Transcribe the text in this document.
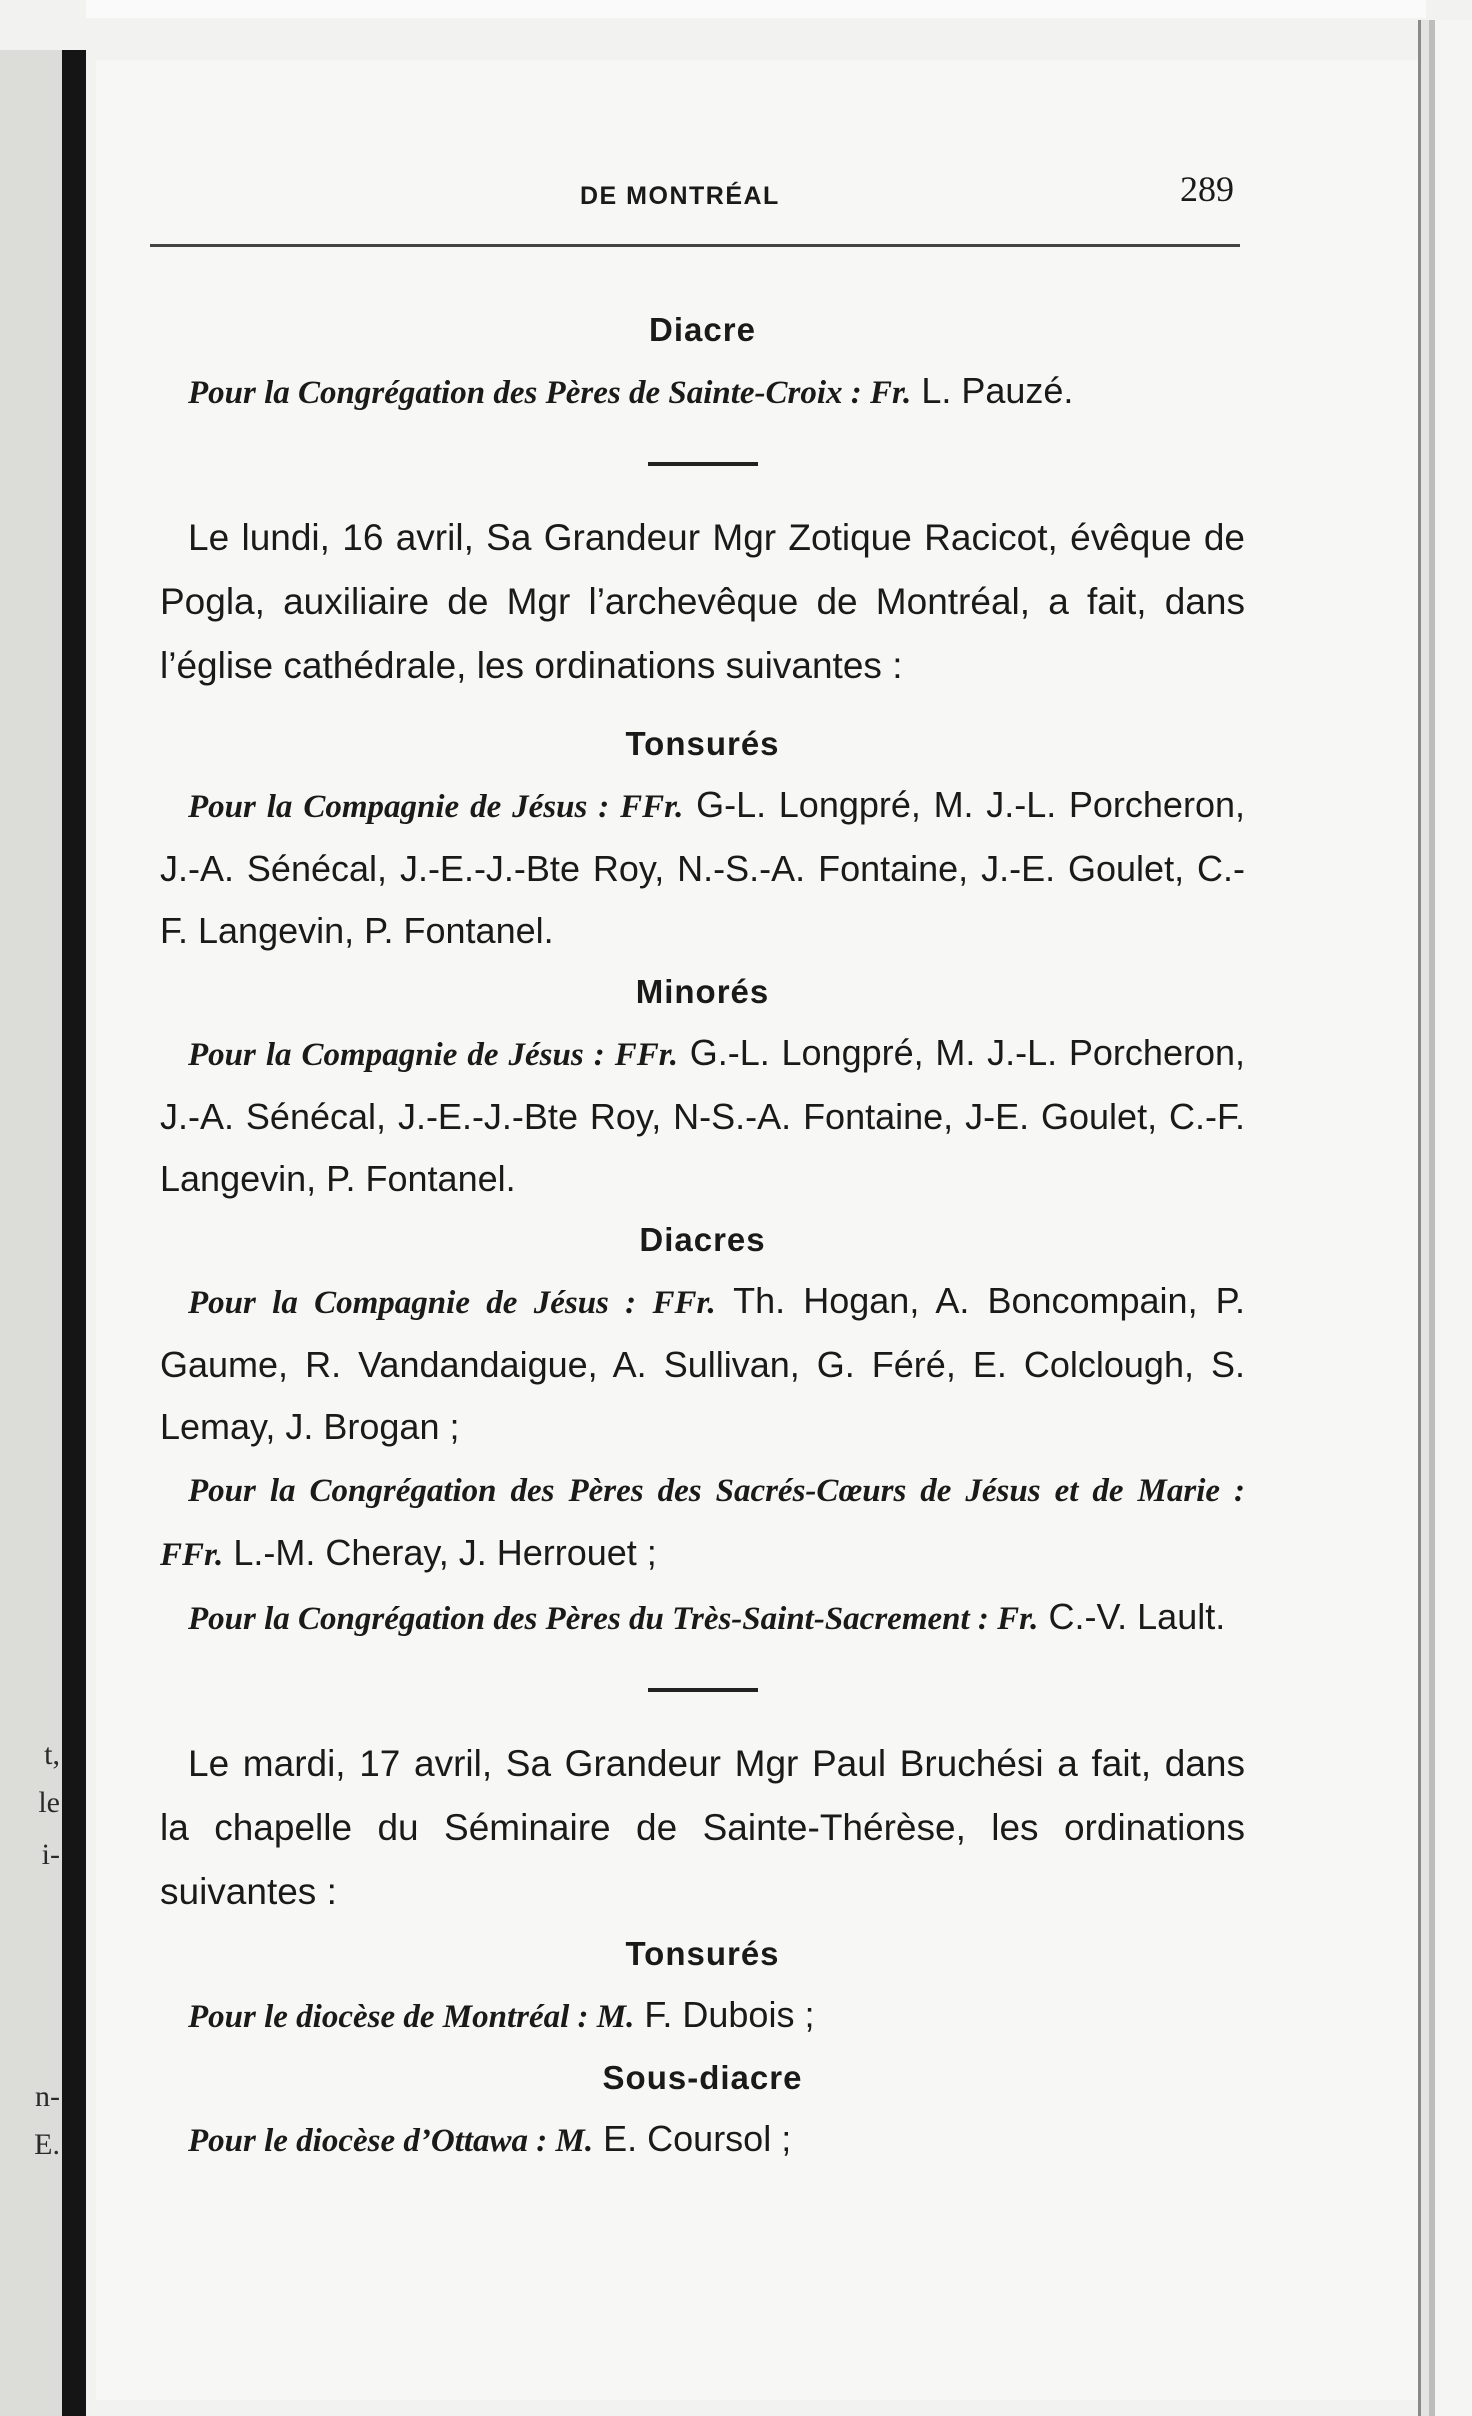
t,
le
i-
n-
E.
DE MONTRÉAL	289

Diacre

Pour la Congrégation des Pères de Sainte-Croix : Fr. L. Pauzé.

Le lundi, 16 avril, Sa Grandeur Mgr Zotique Racicot, évêque de Pogla, auxiliaire de Mgr l’archevêque de Montréal, a fait, dans l’église cathédrale, les ordinations suivantes :

Tonsurés

Pour la Compagnie de Jésus : FFr. G-L. Longpré, M. J.-L. Porcheron, J.-A. Sénécal, J.-E.-J.-Bte Roy, N.-S.-A. Fontaine, J.-E. Goulet, C.-F. Langevin, P. Fontanel.

Minorés

Pour la Compagnie de Jésus : FFr. G.-L. Longpré, M. J.-L. Porcheron, J.-A. Sénécal, J.-E.-J.-Bte Roy, N-S.-A. Fontaine, J-E. Goulet, C.-F. Langevin, P. Fontanel.

Diacres

Pour la Compagnie de Jésus : FFr. Th. Hogan, A. Boncompain, P. Gaume, R. Vandandaigue, A. Sullivan, G. Féré, E. Colclough, S. Lemay, J. Brogan ;

Pour la Congrégation des Pères des Sacrés-Cœurs de Jésus et de Marie : FFr. L.-M. Cheray, J. Herrouet ;

Pour la Congrégation des Pères du Très-Saint-Sacrement : Fr. C.-V. Lault.

Le mardi, 17 avril, Sa Grandeur Mgr Paul Bruchési a fait, dans la chapelle du Séminaire de Sainte-Thérèse, les ordinations suivantes :

Tonsurés

Pour le diocèse de Montréal : M. F. Dubois ;

Sous-diacre

Pour le diocèse d’Ottawa : M. E. Coursol ;
